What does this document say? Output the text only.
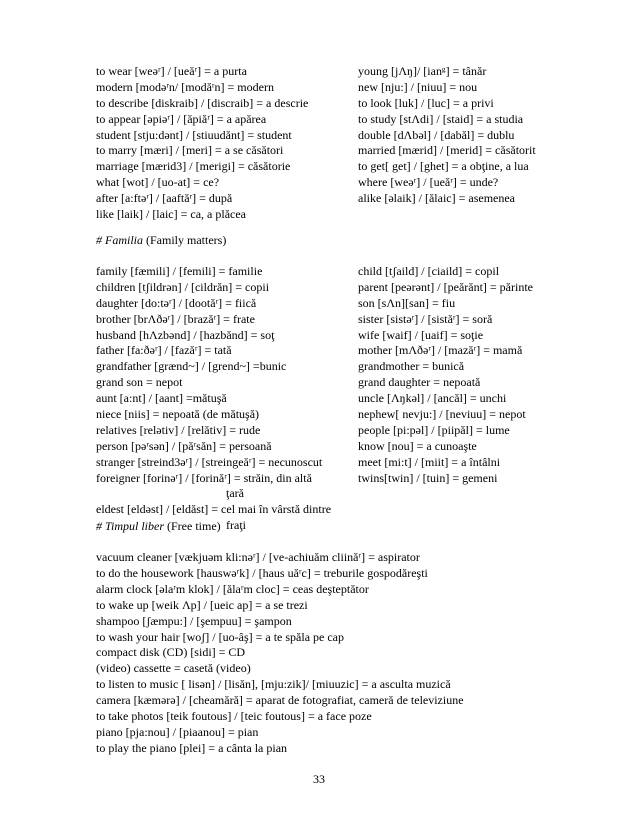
to wear [weəʳ] / [ueăʳ] = a purta	young [jΛŋ]/ [ianᵍ] = tânăr
modern [modəʳn/ [modăʳn] = modern	new [nju:] / [niuu] = nou
to describe [diskraib] / [discraib] = a descrie	to look [luk] / [luc] = a privi
to appear [əpiəʳ] / [ăpiăʳ] = a apărea	to study [stΛdi] / [staid] = a studia
student [stju:dənt] / [stiuudănt] = student	double [dΛbəl] / [dabăl] = dublu
to marry [mæri] / [meri] = a se căsători	married [mærid] / [merid] = căsătorit
marriage [mærid3] / [merigi] = căsătorie	to get[ get] / [ghet] = a obţine, a lua
what [wot] / [uo-at] = ce?	where [weəʳ] / [ueăʳ] = unde?
after [a:ftəʳ] / [aaftăʳ] = după	alike [əlaik] / [ălaic] = asemenea
like [laik] / [laic] = ca, a plăcea
# Familia (Family matters)
family [fæmili] / [femili] = familie	child [tʃaild] / [ciaild] = copil
children [tʃildrən] / [cildrăn] = copii	parent [peərənt] / [peărănt] = părinte
daughter [do:təʳ] / [dootăʳ] = fiică	son [sΛn][san] = fiu
brother [brΛðəʳ] / [brazăʳ] = frate	sister [sistəʳ] / [sistăʳ] = soră
husband [hΛzbənd] / [hazbănd] = soţ	wife [waif] / [uaif] = soţie
father [fa:ðəʳ] / [fazăʳ] = tată	mother [mΛðəʳ] / [mazăʳ] = mamă
grandfather [grænd~] / [grend~] =bunic	grandmother = bunică
grand son = nepot	grand daughter = nepoată
aunt [a:nt] / [aant] =mătuşă	uncle [Λŋkəl] / [ancăl] = unchi
niece [niis] = nepoată (de mătuşă)	nephew[ nevju:] / [neviuu] = nepot
relatives [relətiv] / [relătiv] = rude	people [pi:pəl] / [piipăl] = lume
person [pəʳsən] / [păʳsăn] = persoană	know [nou] = a cunoaşte
stranger [streind3əʳ] / [streingeăʳ] = necunoscut	meet [mi:t] / [miit] = a întâlni
foreigner [forinəʳ] / [forinăʳ] = străin, din altă	twins[twin] / [tuin] = gemeni
ţară
eldest [eldəst] / [eldăst] = cel mai în vârstă dintre
fraţi
# Timpul liber (Free time)
vacuum cleaner [vækjuəm kli:nəʳ] / [ve-achiuăm cliinăʳ] = aspirator
to do the housework [hauswəʳk] / [haus uăʳc] = treburile gospodăreşti
alarm clock [əlaʳm klok] / [ălaʳm cloc] = ceas deşteptător
to wake up [weik Λp] / [ueic ap] = a se trezi
shampoo [ʃæmpu:] / [şempuu] = şampon
to wash your hair [woʃ] / [uo-âş] = a te spăla pe cap
compact disk (CD) [sidi] = CD
(video) cassette = casetă (video)
to listen to music [ lisən] / [lisăn], [mju:zik]/ [miuuzic] = a asculta muzică
camera [kæmərə] / [cheamără] = aparat de fotografiat, cameră de televiziune
to take photos [teik foutous] / [teic foutous] = a face poze
piano [pja:nou] / [piaanou] = pian
to play the piano [plei] = a cânta la pian
33
